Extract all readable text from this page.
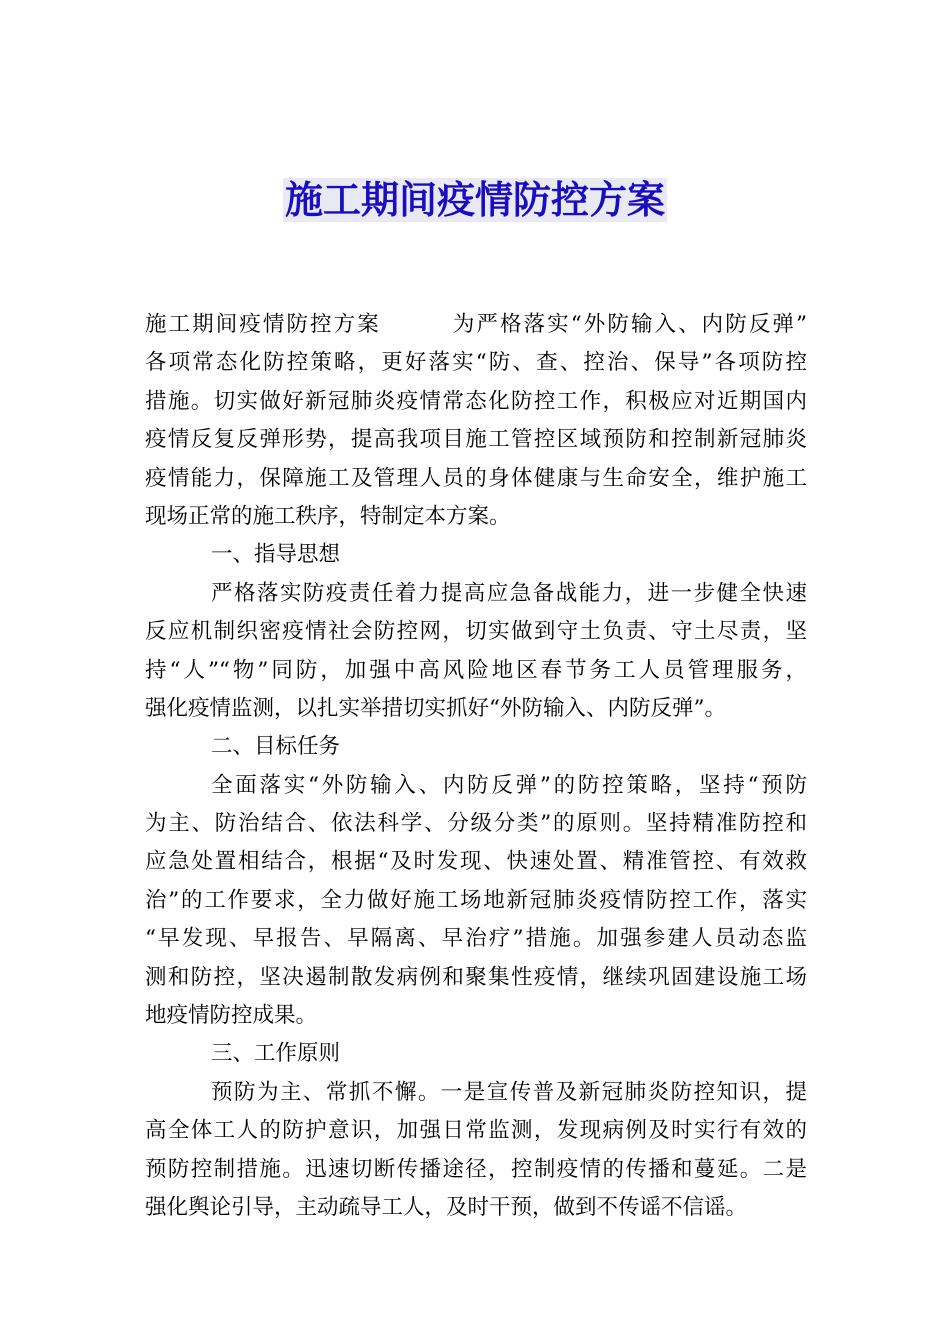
施工期间疫情防控方案
施工期间疫情防控方案	为严格落实“外防输入、内防反弹”
各项常态化防控策略，更好落实“防、查、控治、保导”各项防控
措施。切实做好新冠肺炎疫情常态化防控工作，积极应对近期国内
疫情反复反弹形势，提高我项目施工管控区域预防和控制新冠肺炎
疫情能力，保障施工及管理人员的身体健康与生命安全，维护施工
现场正常的施工秩序，特制定本方案。
一、指导思想
严格落实防疫责任着力提高应急备战能力，进一步健全快速
反应机制织密疫情社会防控网，切实做到守土负责、守土尽责，坚
持“人”“物”同防，加强中高风险地区春节务工人员管理服务，
强化疫情监测，以扎实举措切实抓好“外防输入、内防反弹”。
二、目标任务
全面落实“外防输入、内防反弹”的防控策略，坚持“预防
为主、防治结合、依法科学、分级分类”的原则。坚持精准防控和
应急处置相结合，根据“及时发现、快速处置、精准管控、有效救
治”的工作要求，全力做好施工场地新冠肺炎疫情防控工作，落实
“早发现、早报告、早隔离、早治疗”措施。加强参建人员动态监
测和防控，坚决遏制散发病例和聚集性疫情，继续巩固建设施工场
地疫情防控成果。
三、工作原则
预防为主、常抓不懈。一是宣传普及新冠肺炎防控知识，提
高全体工人的防护意识，加强日常监测，发现病例及时实行有效的
预防控制措施。迅速切断传播途径，控制疫情的传播和蔓延。二是
强化舆论引导，主动疏导工人，及时干预，做到不传谣不信谣。
